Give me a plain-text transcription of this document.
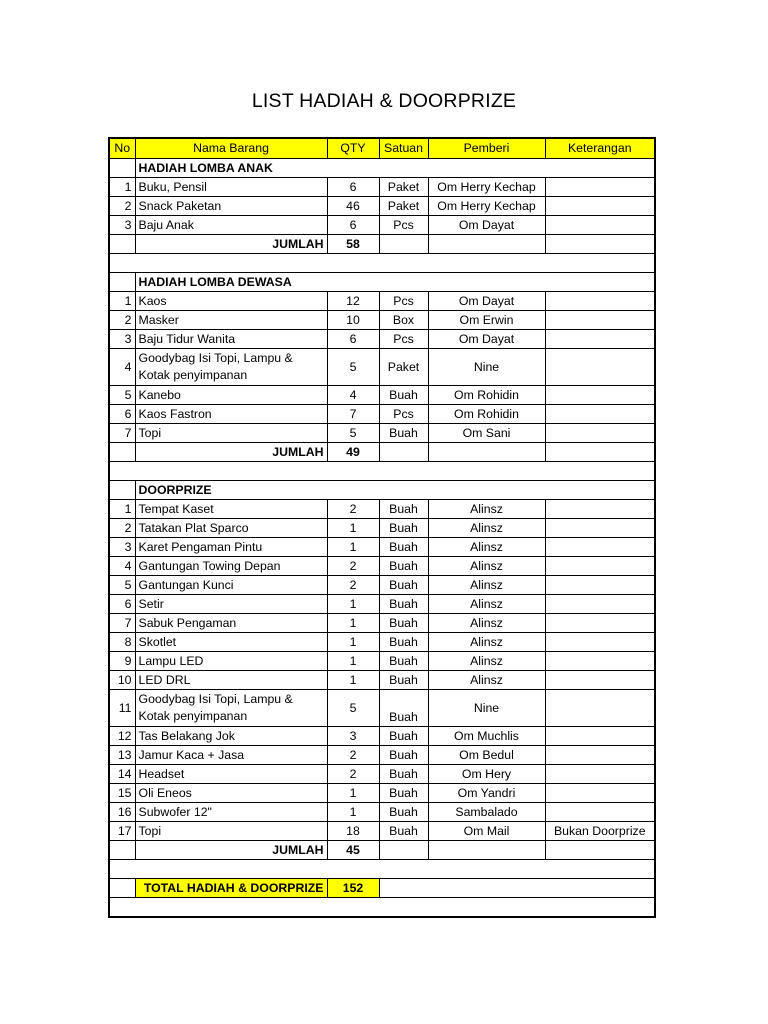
LIST HADIAH & DOORPRIZE
No	Nama Barang	QTY	Satuan	Pemberi	Keterangan
	HADIAH LOMBA ANAK				
1	Buku, Pensil	6	Paket	Om Herry Kechap	
2	Snack Paketan	46	Paket	Om Herry Kechap	
3	Baju Anak	6	Pcs	Om Dayat	
	JUMLAH	58			

	HADIAH LOMBA DEWASA				
1	Kaos	12	Pcs	Om Dayat	
2	Masker	10	Box	Om Erwin	
3	Baju Tidur Wanita	6	Pcs	Om Dayat	
4	Goodybag Isi Topi, Lampu & Kotak penyimpanan	5	Paket	Nine	
5	Kanebo	4	Buah	Om Rohidin	
6	Kaos Fastron	7	Pcs	Om Rohidin	
7	Topi	5	Buah	Om Sani	
	JUMLAH	49			

	DOORPRIZE				
1	Tempat Kaset	2	Buah	Alinsz	
2	Tatakan Plat Sparco	1	Buah	Alinsz	
3	Karet Pengaman Pintu	1	Buah	Alinsz	
4	Gantungan Towing Depan	2	Buah	Alinsz	
5	Gantungan Kunci	2	Buah	Alinsz	
6	Setir	1	Buah	Alinsz	
7	Sabuk Pengaman	1	Buah	Alinsz	
8	Skotlet	1	Buah	Alinsz	
9	Lampu LED	1	Buah	Alinsz	
10	LED DRL	1	Buah	Alinsz	
11	Goodybag Isi Topi, Lampu & Kotak penyimpanan	5	Buah	Nine	
12	Tas Belakang Jok	3	Buah	Om Muchlis	
13	Jamur Kaca + Jasa	2	Buah	Om Bedul	
14	Headset	2	Buah	Om Hery	
15	Oli Eneos	1	Buah	Om Yandri	
16	Subwofer 12"	1	Buah	Sambalado	
17	Topi	18	Buah	Om Mail	Bukan Doorprize
	JUMLAH	45			

	TOTAL HADIAH & DOORPRIZE	152			
